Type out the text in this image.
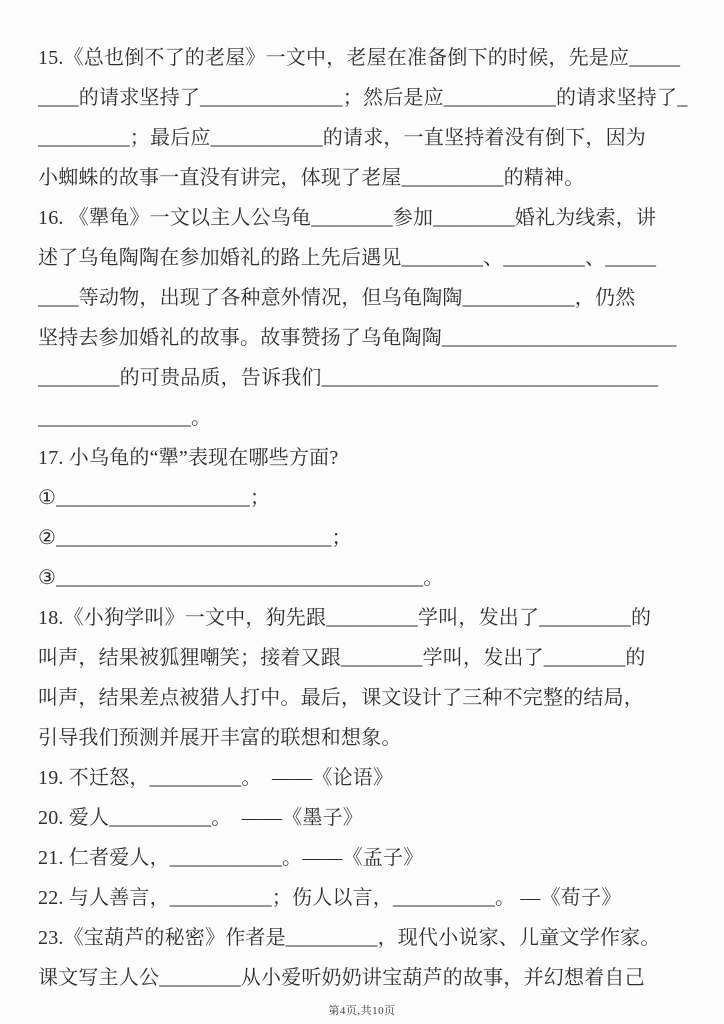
15.《总也倒不了的老屋》一文中，老屋在准备倒下的时候，先是应_____
____的请求坚持了______________；然后是应___________的请求坚持了_
_________；最后应___________的请求，一直坚持着没有倒下，因为
小蜘蛛的故事一直没有讲完，体现了老屋__________的精神。
16. 《犟龟》一文以主人公乌龟________参加________婚礼为线索，讲
述了乌龟陶陶在参加婚礼的路上先后遇见________、________、_____
____等动物，出现了各种意外情况，但乌龟陶陶___________，仍然
坚持去参加婚礼的故事。故事赞扬了乌龟陶陶_______________________
________的可贵品质，告诉我们_________________________________
_______________。
17. 小乌龟的“犟”表现在哪些方面?
①___________________；
②___________________________；
③____________________________________。
18.《小狗学叫》一文中，狗先跟_________学叫，发出了_________的
叫声，结果被狐狸嘲笑；接着又跟________学叫，发出了________的
叫声，结果差点被猎人打中。最后，课文设计了三种不完整的结局，
引导我们预测并展开丰富的联想和想象。
19. 不迁怒，_________。  ——《论语》
20. 爱人__________。  ——《墨子》
21. 仁者爱人，___________。——《孟子》
22. 与人善言，__________；伤人以言，__________。 —《荀子》
23.《宝葫芦的秘密》作者是_________，现代小说家、儿童文学作家。
课文写主人公________从小爱听奶奶讲宝葫芦的故事，并幻想着自己
第4页,共10页
